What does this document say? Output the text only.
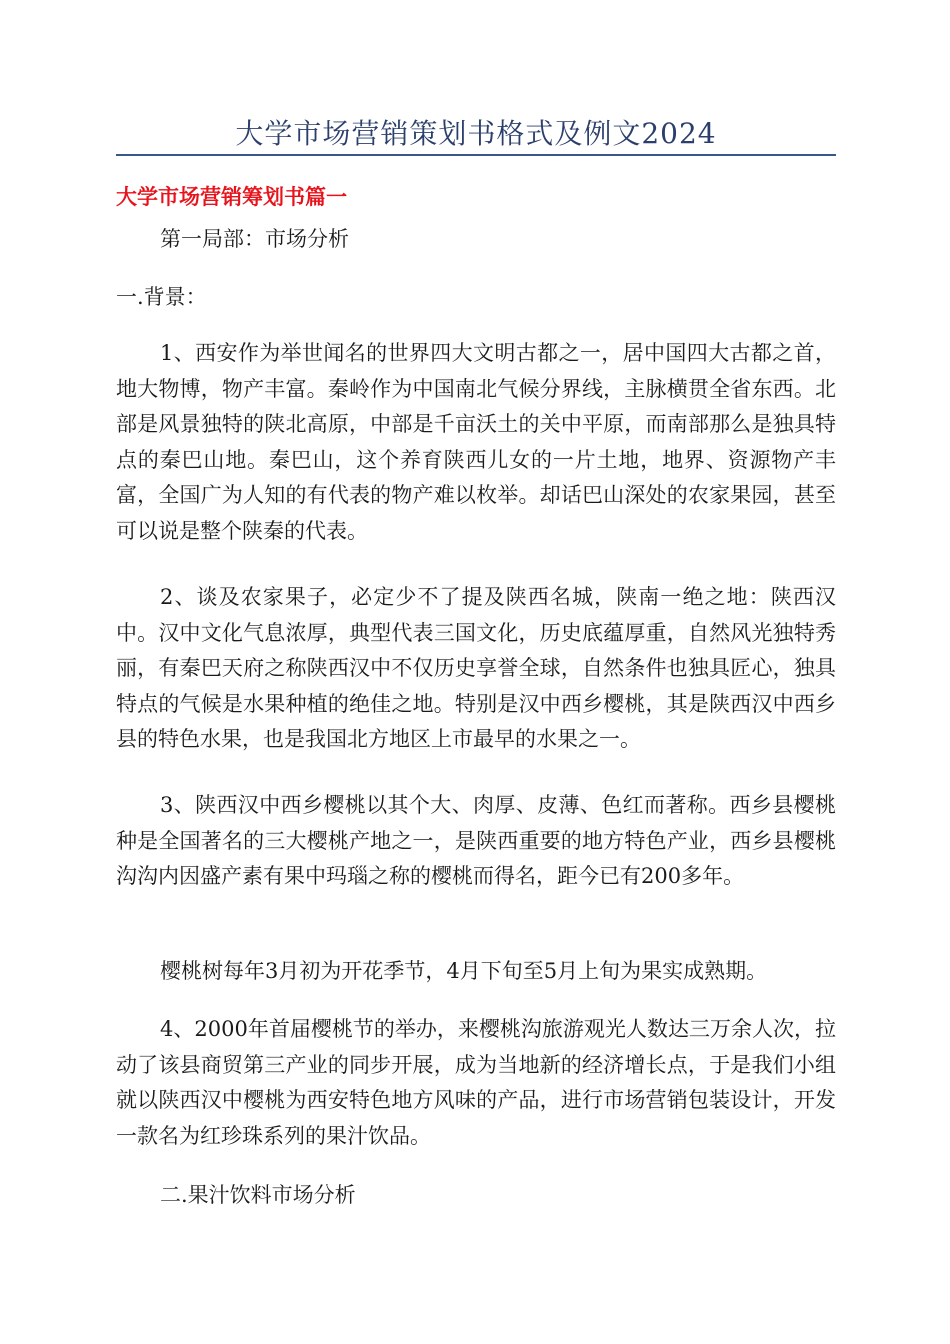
大学市场营销策划书格式及例文2024
大学市场营销筹划书篇一

第一局部：市场分析

一.背景：

1、西安作为举世闻名的世界四大文明古都之一，居中国四大古都之首，地大物博，物产丰富。秦岭作为中国南北气候分界线，主脉横贯全省东西。北部是风景独特的陕北高原，中部是千亩沃土的关中平原，而南部那么是独具特点的秦巴山地。秦巴山，这个养育陕西儿女的一片土地，地界、资源物产丰富，全国广为人知的有代表的物产难以枚举。却话巴山深处的农家果园，甚至可以说是整个陕秦的代表。

2、谈及农家果子，必定少不了提及陕西名城，陕南一绝之地：陕西汉中。汉中文化气息浓厚，典型代表三国文化，历史底蕴厚重，自然风光独特秀丽，有秦巴天府之称陕西汉中不仅历史享誉全球，自然条件也独具匠心，独具特点的气候是水果种植的绝佳之地。特别是汉中西乡樱桃，其是陕西汉中西乡县的特色水果，也是我国北方地区上市最早的水果之一。

3、陕西汉中西乡樱桃以其个大、肉厚、皮薄、色红而著称。西乡县樱桃种是全国著名的三大樱桃产地之一，是陕西重要的地方特色产业，西乡县樱桃沟沟内因盛产素有果中玛瑙之称的樱桃而得名，距今已有200多年。

樱桃树每年3月初为开花季节，4月下旬至5月上旬为果实成熟期。

4、2000年首届樱桃节的举办，来樱桃沟旅游观光人数达三万余人次，拉动了该县商贸第三产业的同步开展，成为当地新的经济增长点，于是我们小组就以陕西汉中樱桃为西安特色地方风味的产品，进行市场营销包装设计，开发一款名为红珍珠系列的果汁饮品。

二.果汁饮料市场分析
